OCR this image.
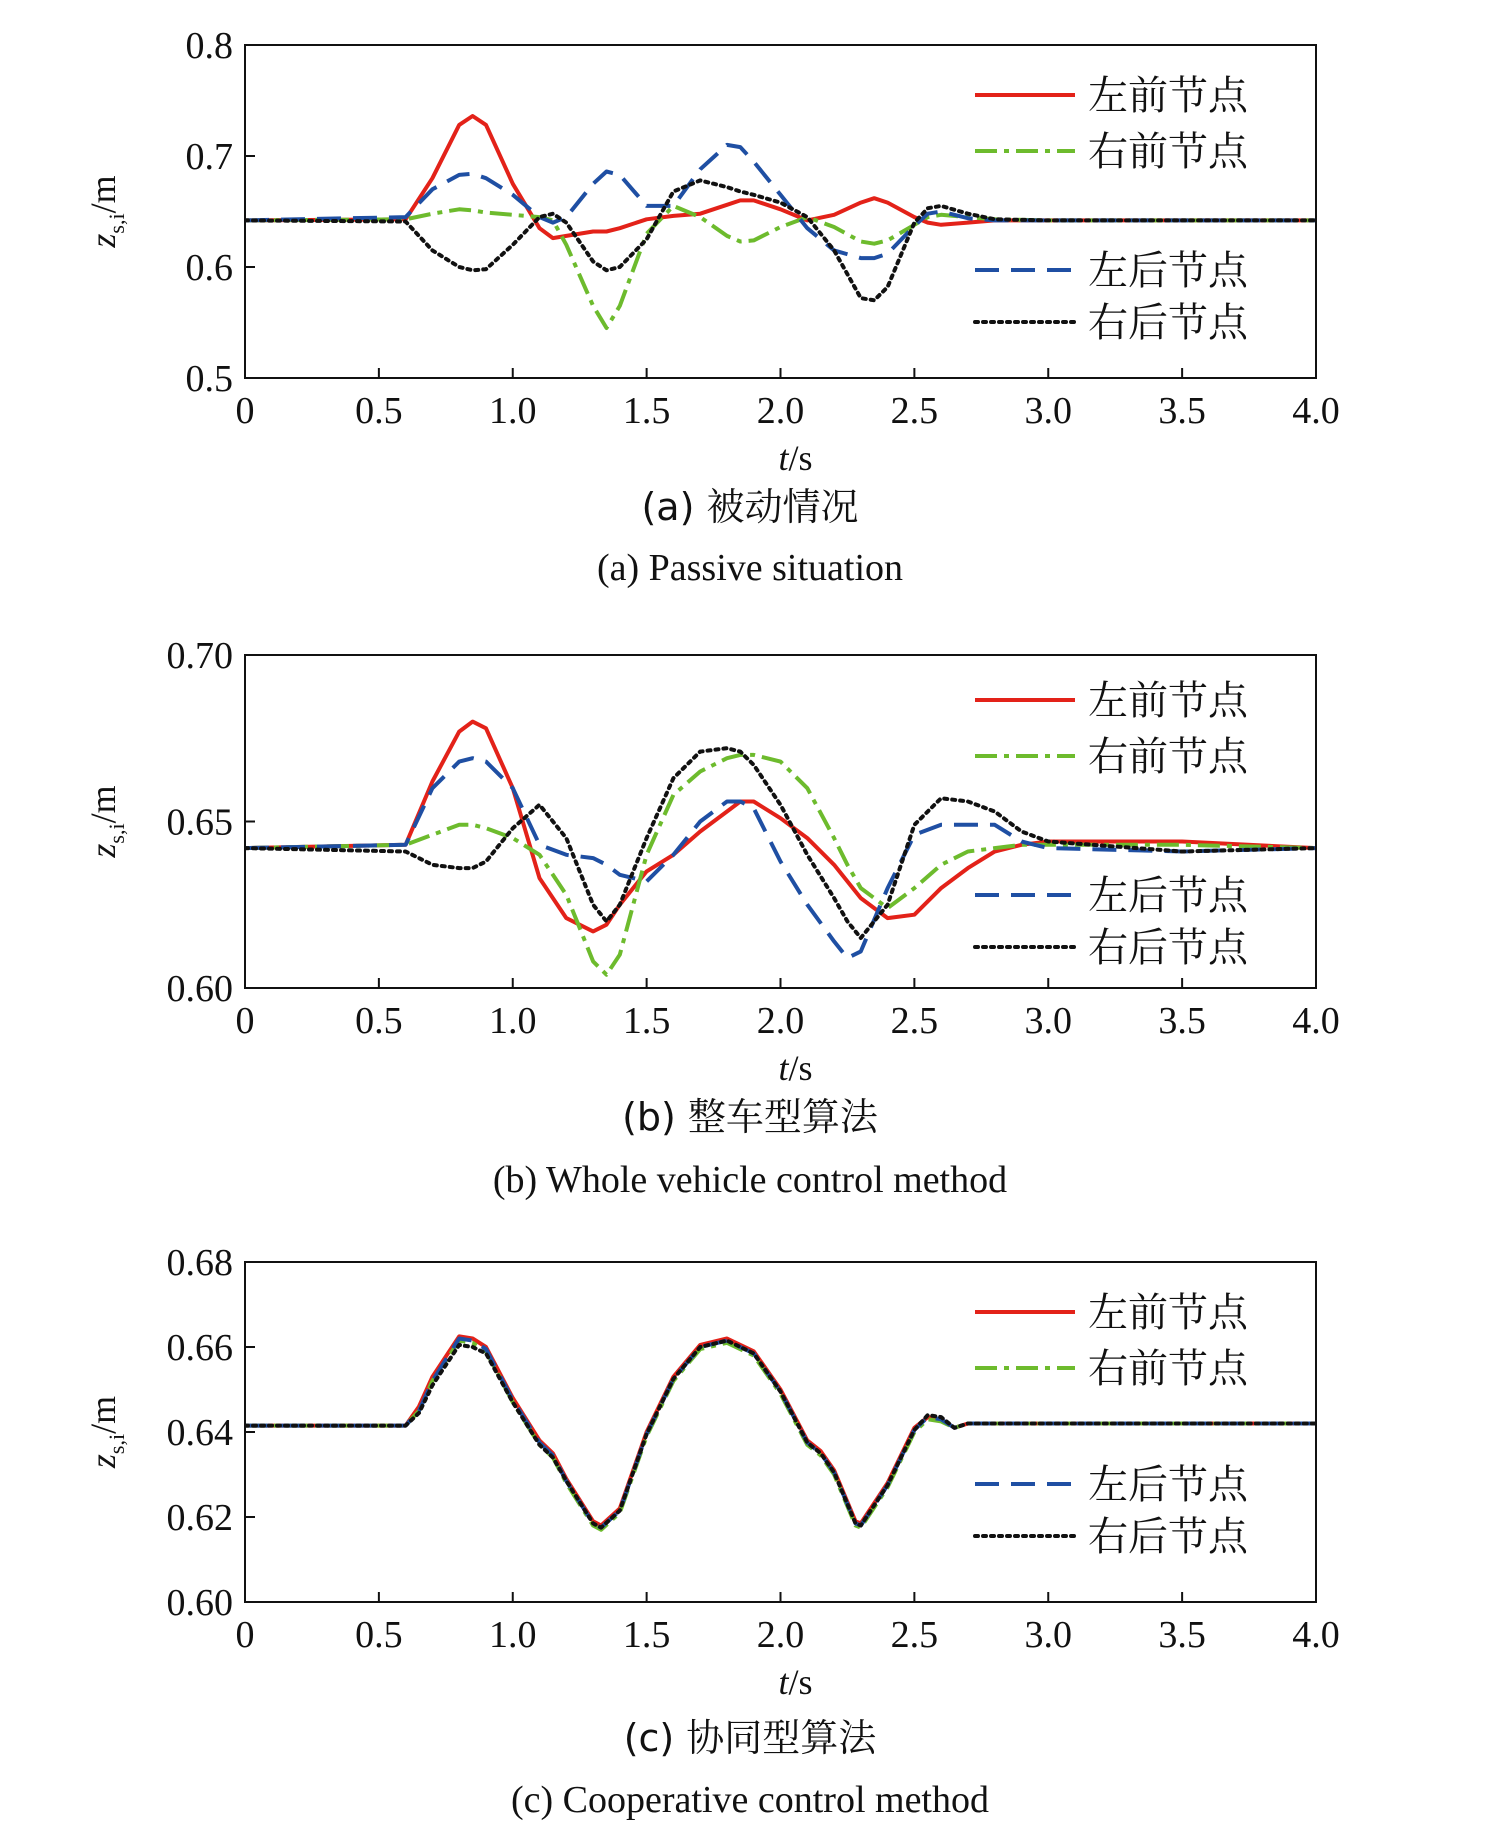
0	0.5 1.0 1.5 2.0 2.5 3.0 3.5 4.0
0.5
0.6
0.7
0.8
t/s
$z_{s,i}/m$
左前节点
右前节点
左后节点
右后节点
(a) 被动情况
(a) Passive situation
0	0.5 1.0 1.5 2.0 2.5 3.0 3.5 4.0
0.60
0.65
0.70
t/s
$z_{s,i}/m$
左前节点
右前节点
左后节点
右后节点
(b) 整车型算法
(b) Whole vehicle control method
0	0.5 1.0 1.5 2.0 2.5 3.0 3.5 4.0
0.60
0.62
0.64
0.66
0.68
t/s
$z_{s,i}/m$
左前节点
右前节点
左后节点
右后节点
(c) 协同型算法
(c) Cooperative control method
